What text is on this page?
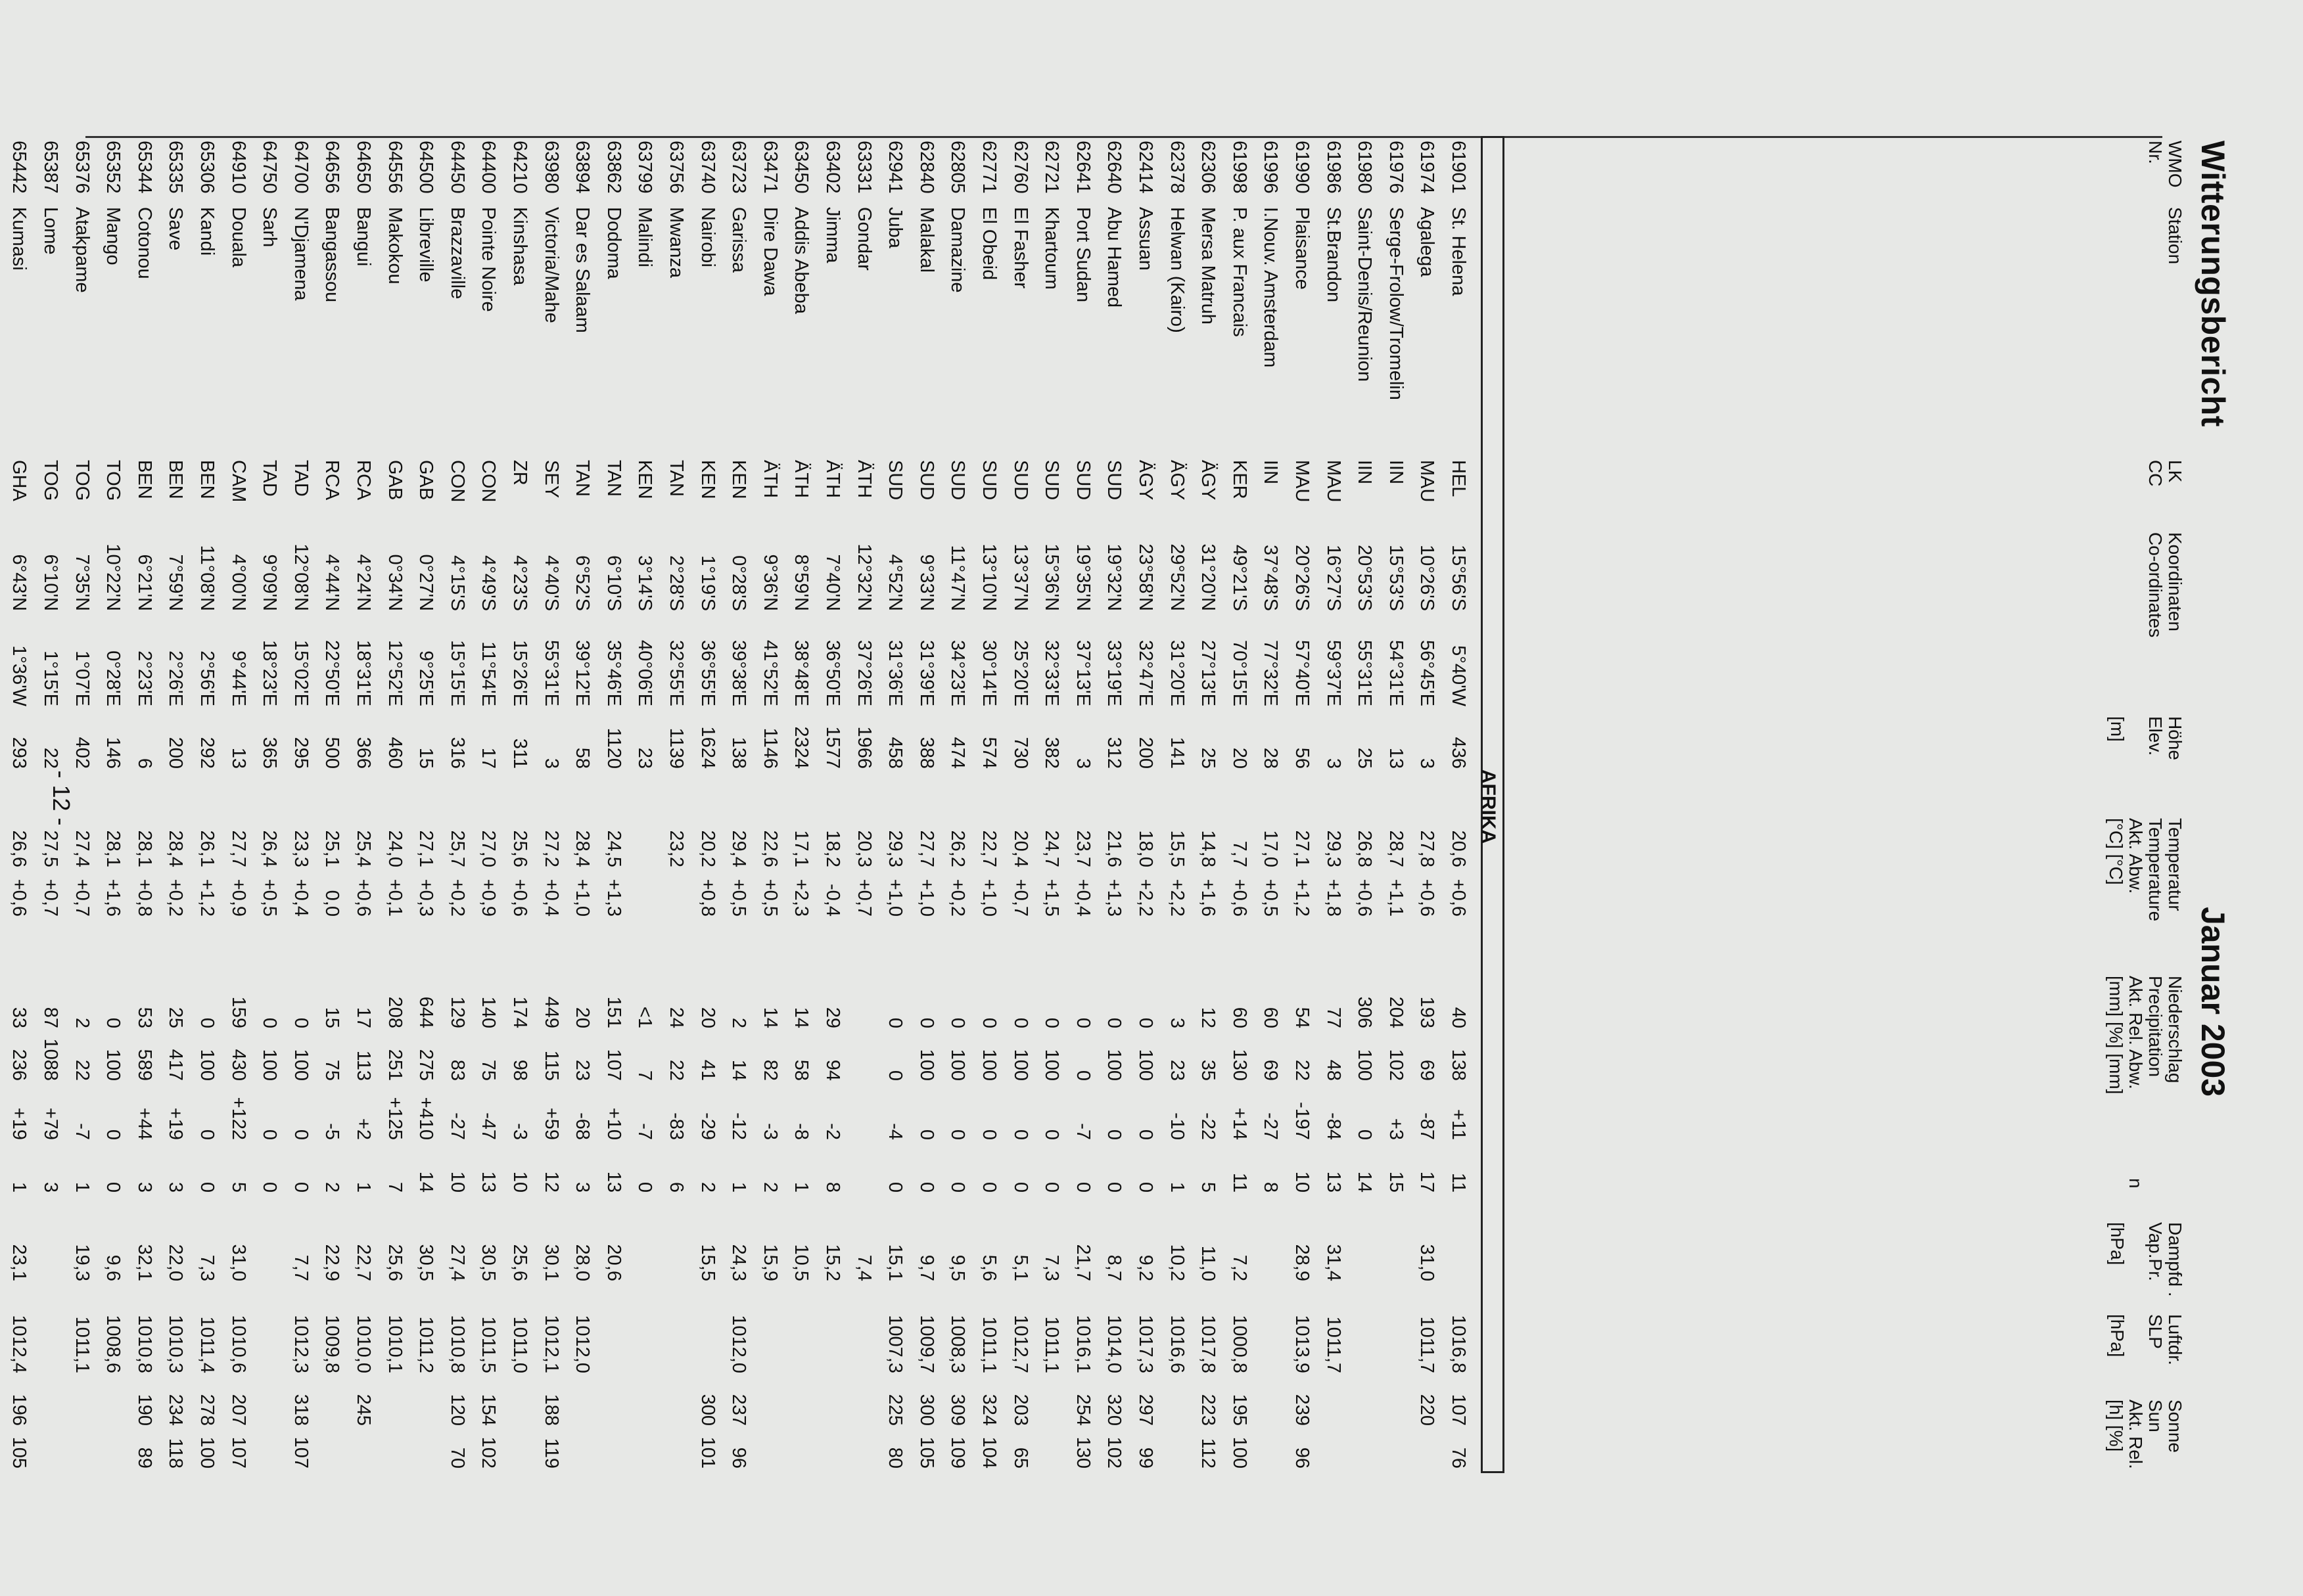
Witterungsbericht
Januar 2003
WMO
Nr.
Station
LK
CC
Koordinaten
Co-ordinates
Höhe
Elev.
[m]
Temperatur
Temperature
Akt. Abw.
[°C] [°C]
Niederschlag
Precipitation
Akt. Rel. Abw.
[mm] [%] [mm]
n
Dampfd .
Vap.Pr.
[hPa]
Luftdr.
SLP
[hPa]
Sonne
Sun
Akt. Rel.
[h] [%]
AFRIKA
61901
St. Helena
HEL
15°56'S
5°40'W
436
20,6
+0,6
40
138
+11
11
1016,8
107
76
61974
Agalega
MAU
10°26'S
56°45'E
3
27,8
+0,6
193
69
-87
17
31,0
1011,7
220
61976
Serge-Frolow/Tromelin
IIN
15°53'S
54°31'E
13
28,7
+1,1
204
102
+3
15
61980
Saint-Denis/Reunion
IIN
20°53'S
55°31'E
25
26,8
+0,6
306
100
0
14
61986
St.Brandon
MAU
16°27'S
59°37'E
3
29,3
+1,8
77
48
-84
13
31,4
1011,7
61990
Plaisance
MAU
20°26'S
57°40'E
56
27,1
+1,2
54
22
-197
10
28,9
1013,9
239
96
61996
I.Nouv. Amsterdam
IIN
37°48'S
77°32'E
28
17,0
+0,5
60
69
-27
8
61998
P. aux Francais
KER
49°21'S
70°15'E
20
7,7
+0,6
60
130
+14
11
7,2
1000,8
195
100
62306
Mersa Matruh
ÄGY
31°20'N
27°13'E
25
14,8
+1,6
12
35
-22
5
11,0
1017,8
223
112
62378
Helwan (Kairo)
ÄGY
29°52'N
31°20'E
141
15,5
+2,2
3
23
-10
1
10,2
1016,6
62414
Assuan
ÄGY
23°58'N
32°47'E
200
18,0
+2,2
0
100
0
0
9,2
1017,3
297
99
62640
Abu Hamed
SUD
19°32'N
33°19'E
312
21,6
+1,3
0
100
0
0
8,7
1014,0
320
102
62641
Port Sudan
SUD
19°35'N
37°13'E
3
23,7
+0,4
0
0
-7
0
21,7
1016,1
254
130
62721
Khartoum
SUD
15°36'N
32°33'E
382
24,7
+1,5
0
100
0
0
7,3
1011,1
62760
El Fasher
SUD
13°37'N
25°20'E
730
20,4
+0,7
0
100
0
0
5,1
1012,7
203
65
62771
El Obeid
SUD
13°10'N
30°14'E
574
22,7
+1,0
0
100
0
0
5,6
1011,1
324
104
62805
Damazine
SUD
11°47'N
34°23'E
474
26,2
+0,2
0
100
0
0
9,5
1008,3
309
109
62840
Malakal
SUD
9°33'N
31°39'E
388
27,7
+1,0
0
100
0
0
9,7
1009,7
300
105
62941
Juba
SUD
4°52'N
31°36'E
458
29,3
+1,0
0
0
-4
0
15,1
1007,3
225
80
63331
Gondar
ÄTH
12°32'N
37°26'E
1966
20,3
+0,7
7,4
63402
Jimma
ÄTH
7°40'N
36°50'E
1577
18,2
-0,4
29
94
-2
8
15,2
63450
Addis Abeba
ÄTH
8°59'N
38°48'E
2324
17,1
+2,3
14
58
-8
1
10,5
63471
Dire Dawa
ÄTH
9°36'N
41°52'E
1146
22,6
+0,5
14
82
-3
2
15,9
63723
Garissa
KEN
0°28'S
39°38'E
138
29,4
+0,5
2
14
-12
1
24,3
1012,0
237
96
63740
Nairobi
KEN
1°19'S
36°55'E
1624
20,2
+0,8
20
41
-29
2
15,5
300
101
63756
Mwanza
TAN
2°28'S
32°55'E
1139
23,2
24
22
-83
6
63799
Malindi
KEN
3°14'S
40°06'E
23
<1
7
-7
0
63862
Dodoma
TAN
6°10'S
35°46'E
1120
24,5
+1,3
151
107
+10
13
20,6
63894
Dar es Salaam
TAN
6°52'S
39°12'E
58
28,4
+1,0
20
23
-68
3
28,0
1012,0
63980
Victoria/Mahe
SEY
4°40'S
55°31'E
3
27,2
+0,4
449
115
+59
12
30,1
1012,1
188
119
64210
Kinshasa
ZR
4°23'S
15°26'E
311
25,6
+0,6
174
98
-3
10
25,6
1011,0
64400
Pointe Noire
CON
4°49'S
11°54'E
17
27,0
+0,9
140
75
-47
13
30,5
1011,5
154
102
64450
Brazzaville
CON
4°15'S
15°15'E
316
25,7
+0,2
129
83
-27
10
27,4
1010,8
120
70
64500
Libreville
GAB
0°27'N
9°25'E
15
27,1
+0,3
644
275
+410
14
30,5
1011,2
64556
Makokou
GAB
0°34'N
12°52'E
460
24,0
+0,1
208
251
+125
7
25,6
1010,1
64650
Bangui
RCA
4°24'N
18°31'E
366
25,4
+0,6
17
113
+2
1
22,7
1010,0
245
64656
Bangassou
RCA
4°44'N
22°50'E
500
25,1
0,0
15
75
-5
2
22,9
1009,8
64700
N'Djamena
TAD
12°08'N
15°02'E
295
23,3
+0,4
0
100
0
0
7,7
1012,3
318
107
64750
Sarh
TAD
9°09'N
18°23'E
365
26,4
+0,5
0
100
0
0
64910
Douala
CAM
4°00'N
9°44'E
13
27,7
+0,9
159
430
+122
5
31,0
1010,6
207
107
65306
Kandi
BEN
11°08'N
2°56'E
292
26,1
+1,2
0
100
0
0
7,3
1011,4
278
100
65335
Save
BEN
7°59'N
2°26'E
200
28,4
+0,2
25
417
+19
3
22,0
1010,3
234
118
65344
Cotonou
BEN
6°21'N
2°23'E
6
28,1
+0,8
53
589
+44
3
32,1
1010,8
190
89
65352
Mango
TOG
10°22'N
0°28'E
146
28,1
+1,6
0
100
0
0
9,6
1008,6
65376
Atakpame
TOG
7°35'N
1°07'E
402
27,4
+0,7
2
22
-7
1
19,3
1011,1
65387
Lome
TOG
6°10'N
1°15'E
22
27,5
+0,7
87
1088
+79
3
65442
Kumasi
GHA
6°43'N
1°36'W
293
26,6
+0,6
33
236
+19
1
23,1
1012,4
196
105
- 12 -
